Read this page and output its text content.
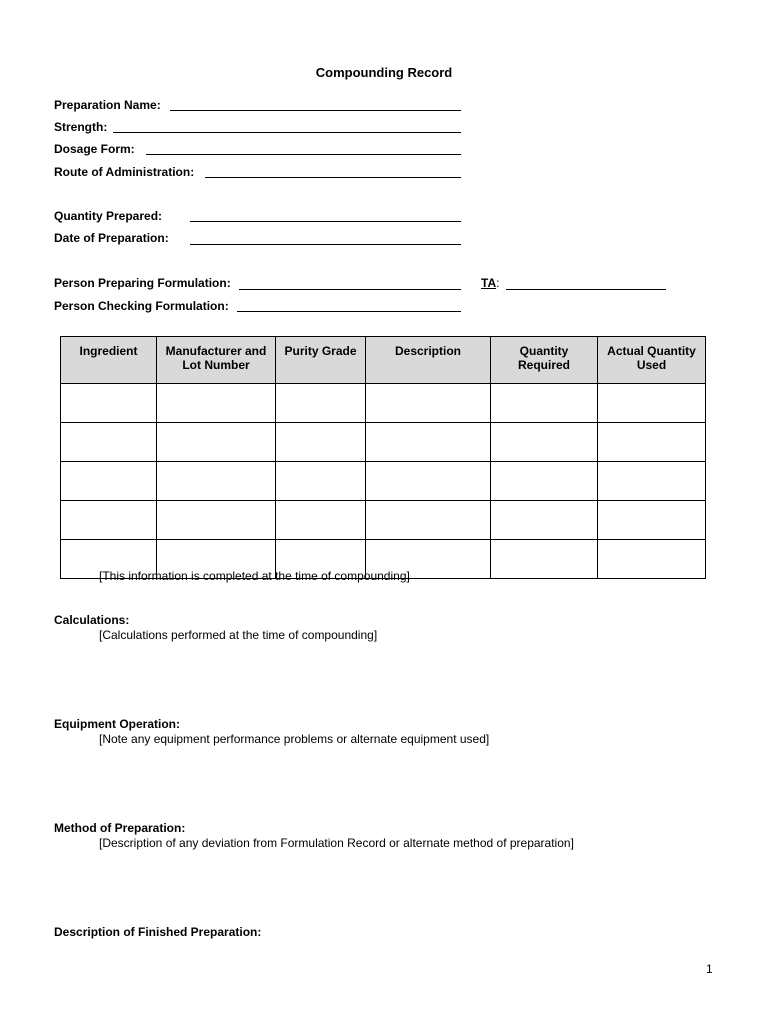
Compounding Record
Preparation Name:
Strength:
Dosage Form:
Route of Administration:
Quantity Prepared:
Date of Preparation:
Person Preparing Formulation:	TA:
Person Checking Formulation:
Ingredient	Manufacturer and Lot Number	Purity Grade	Description	Quantity Required	Actual Quantity Used

[This information is completed at the time of compounding]
Calculations:
[Calculations performed at the time of compounding]
Equipment Operation:
[Note any equipment performance problems or alternate equipment used]
Method of Preparation:
[Description of any deviation from Formulation Record or alternate method of preparation]
Description of Finished Preparation:
1
